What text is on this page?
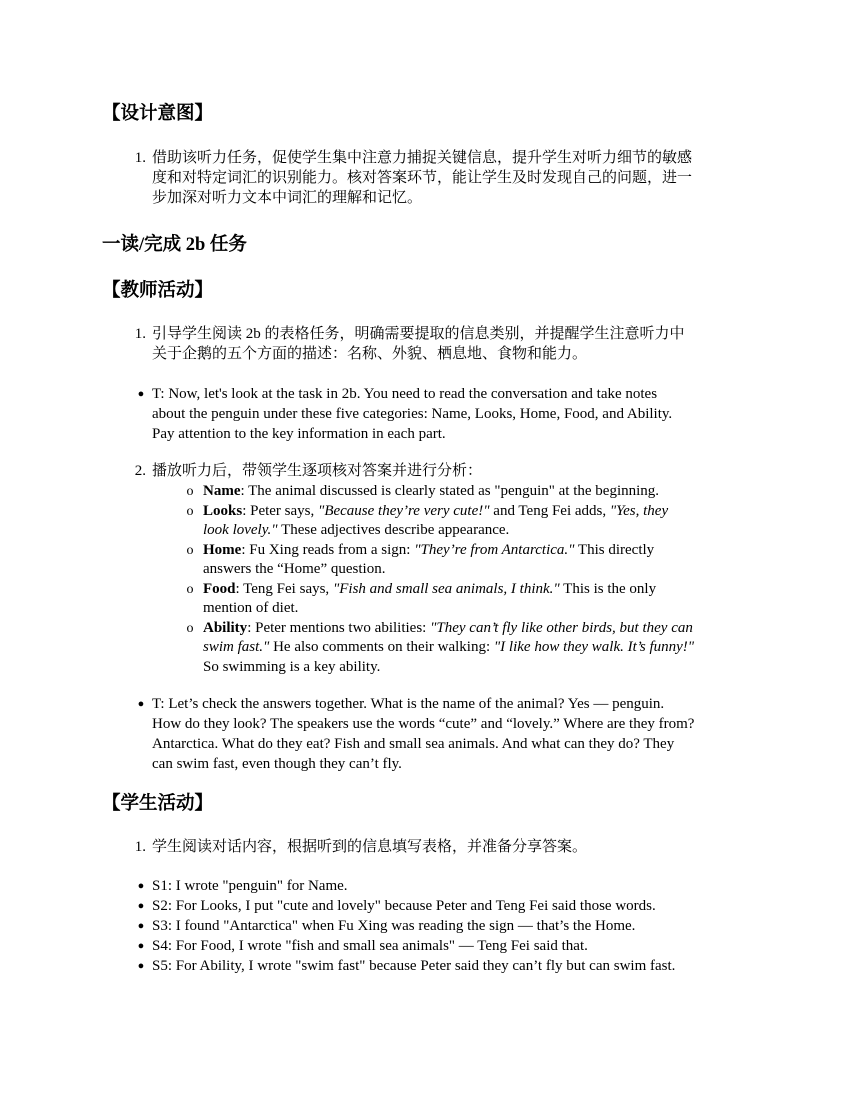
【设计意图】
1. 借助该听力任务，促使学生集中注意力捕捉关键信息，提升学生对听力细节的敏感
度和对特定词汇的识别能力。核对答案环节，能让学生及时发现自己的问题，进一
步加深对听力文本中词汇的理解和记忆。
一读/完成 2b 任务
【教师活动】
1. 引导学生阅读 2b 的表格任务，明确需要提取的信息类别，并提醒学生注意听力中
关于企鹅的五个方面的描述：名称、外貌、栖息地、食物和能力。
● T: Now, let's look at the task in 2b. You need to read the conversation and take notes
about the penguin under these five categories: Name, Looks, Home, Food, and Ability.
Pay attention to the key information in each part.
2. 播放听力后，带领学生逐项核对答案并进行分析：
o Name: The animal discussed is clearly stated as "penguin" at the beginning.
o Looks: Peter says, "Because they’re very cute!" and Teng Fei adds, "Yes, they
look lovely." These adjectives describe appearance.
o Home: Fu Xing reads from a sign: "They’re from Antarctica." This directly
answers the “Home” question.
o Food: Teng Fei says, "Fish and small sea animals, I think." This is the only
mention of diet.
o Ability: Peter mentions two abilities: "They can’t fly like other birds, but they can
swim fast." He also comments on their walking: "I like how they walk. It’s funny!"
So swimming is a key ability.
● T: Let’s check the answers together. What is the name of the animal? Yes — penguin.
How do they look? The speakers use the words “cute” and “lovely.” Where are they from?
Antarctica. What do they eat? Fish and small sea animals. And what can they do? They
can swim fast, even though they can’t fly.
【学生活动】
1. 学生阅读对话内容，根据听到的信息填写表格，并准备分享答案。
● S1: I wrote "penguin" for Name.
● S2: For Looks, I put "cute and lovely" because Peter and Teng Fei said those words.
● S3: I found "Antarctica" when Fu Xing was reading the sign — that’s the Home.
● S4: For Food, I wrote "fish and small sea animals" — Teng Fei said that.
● S5: For Ability, I wrote "swim fast" because Peter said they can’t fly but can swim fast.
